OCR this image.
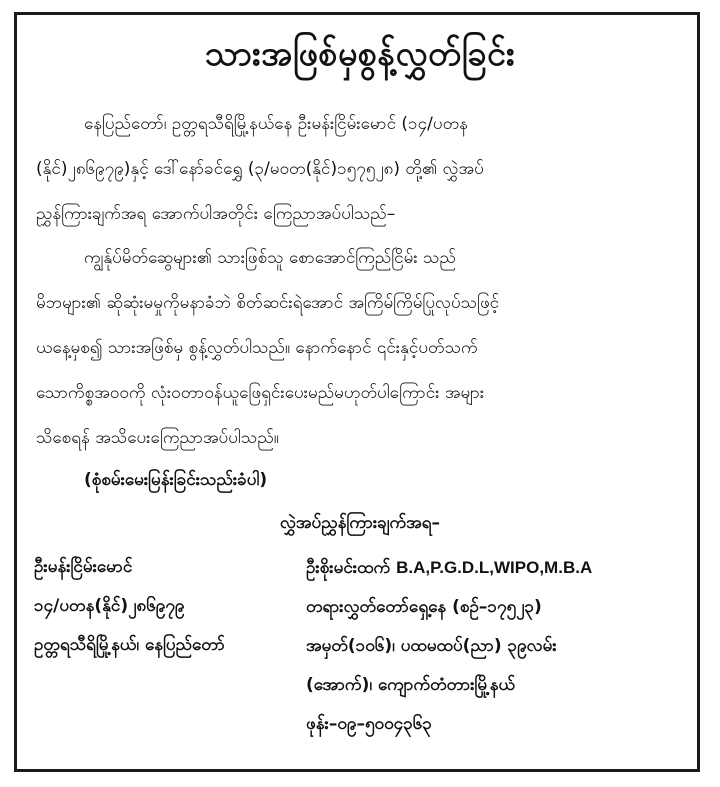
သားအဖြစ်မှစွန့်လွှတ်ခြင်း

နေပြည်တော်၊ ဥတ္တရသီရိမြို့နယ်နေ ဦးမန်းငြိမ်းမောင် (၁၄/ပတန
(နိုင်)၂၈၆၉၇၉)နှင့် ဒေါ်နော်ခင်ရွှေ (၃/မဝတ(နိုင်)၁၅၇၅၂၈) တို့၏ လွှဲအပ်
ညွှန်ကြားချက်အရ အောက်ပါအတိုင်း ကြေညာအပ်ပါသည်–

ကျွန်ုပ်မိတ်ဆွေများ၏ သားဖြစ်သူ စောအောင်ကြည်ငြိမ်း သည်
မိဘများ၏ ဆိုဆုံးမမှုကိုမနာခံဘဲ စိတ်ဆင်းရဲအောင် အကြိမ်ကြိမ်ပြုလုပ်သဖြင့်
ယနေ့မှစ၍ သားအဖြစ်မှ စွန့်လွှတ်ပါသည်။ နောက်နောင် ၎င်းနှင့်ပတ်သက်
သောကိစ္စအဝဝကို လုံးဝတာဝန်ယူဖြေရှင်းပေးမည်မဟုတ်ပါကြောင်း အများ
သိစေရန် အသိပေးကြေညာအပ်ပါသည်။

(စုံစမ်းမေးမြန်းခြင်းသည်းခံပါ)
လွှဲအပ်ညွှန်ကြားချက်အရ–
ဦးမန်းငြိမ်းမောင်
၁၄/ပတန(နိုင်)၂၈၆၉၇၉
ဥတ္တရသီရိမြို့နယ်၊ နေပြည်တော်
ဦးစိုးမင်းထက် B.A,P.G.D.L,WIPO,M.B.A
တရားလွှတ်တော်ရှေ့နေ (စဉ်–၁၇၅၂၃)
အမှတ်(၁၀၆)၊ ပထမထပ်(ညာ) ၃၉လမ်း
(အောက်)၊ ကျောက်တံတားမြို့နယ်
ဖုန်း–၀၉–၅၀၀၄၃၆၃
